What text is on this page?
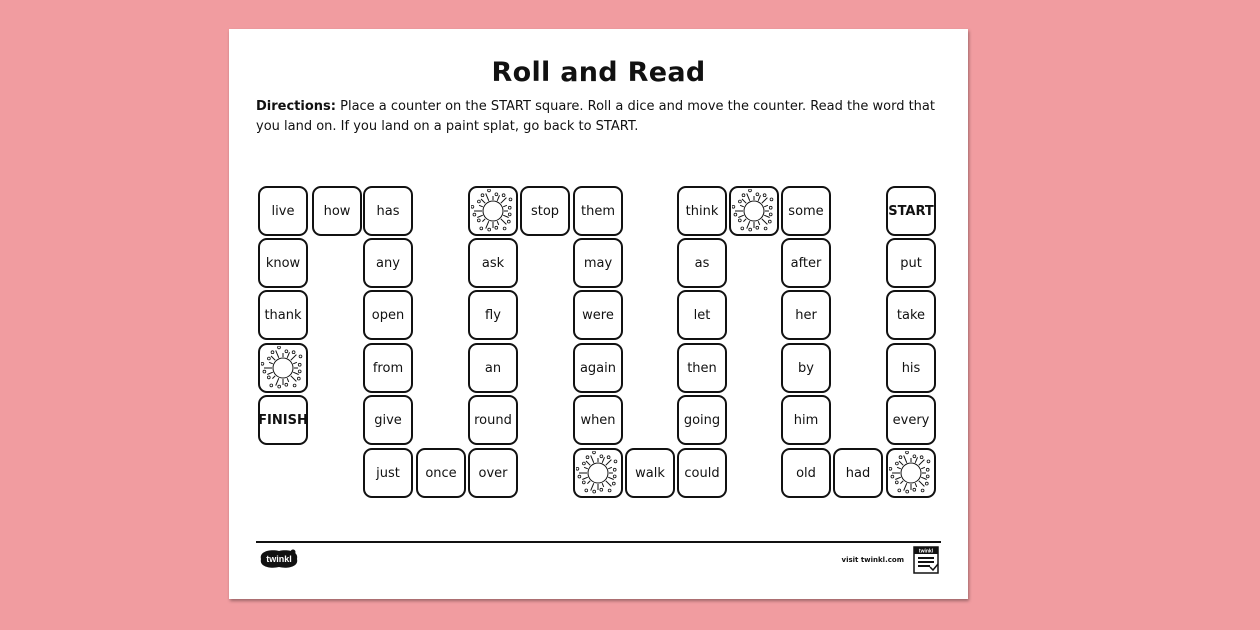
Roll and Read
Directions: Place a counter on the START square. Roll a dice and move the counter. Read the word that you land on. If you land on a paint splat, go back to START.
live
know
thank
FINISH
how has
any
open
from
give
just once
ask
fly
an
round
over
stop them
may
were
again
when
walk
think
as
let
then
going
could
some
after
her
by
him
old had
START
put
take
his
every
twinkl	visit twinkl.com
twinkl
